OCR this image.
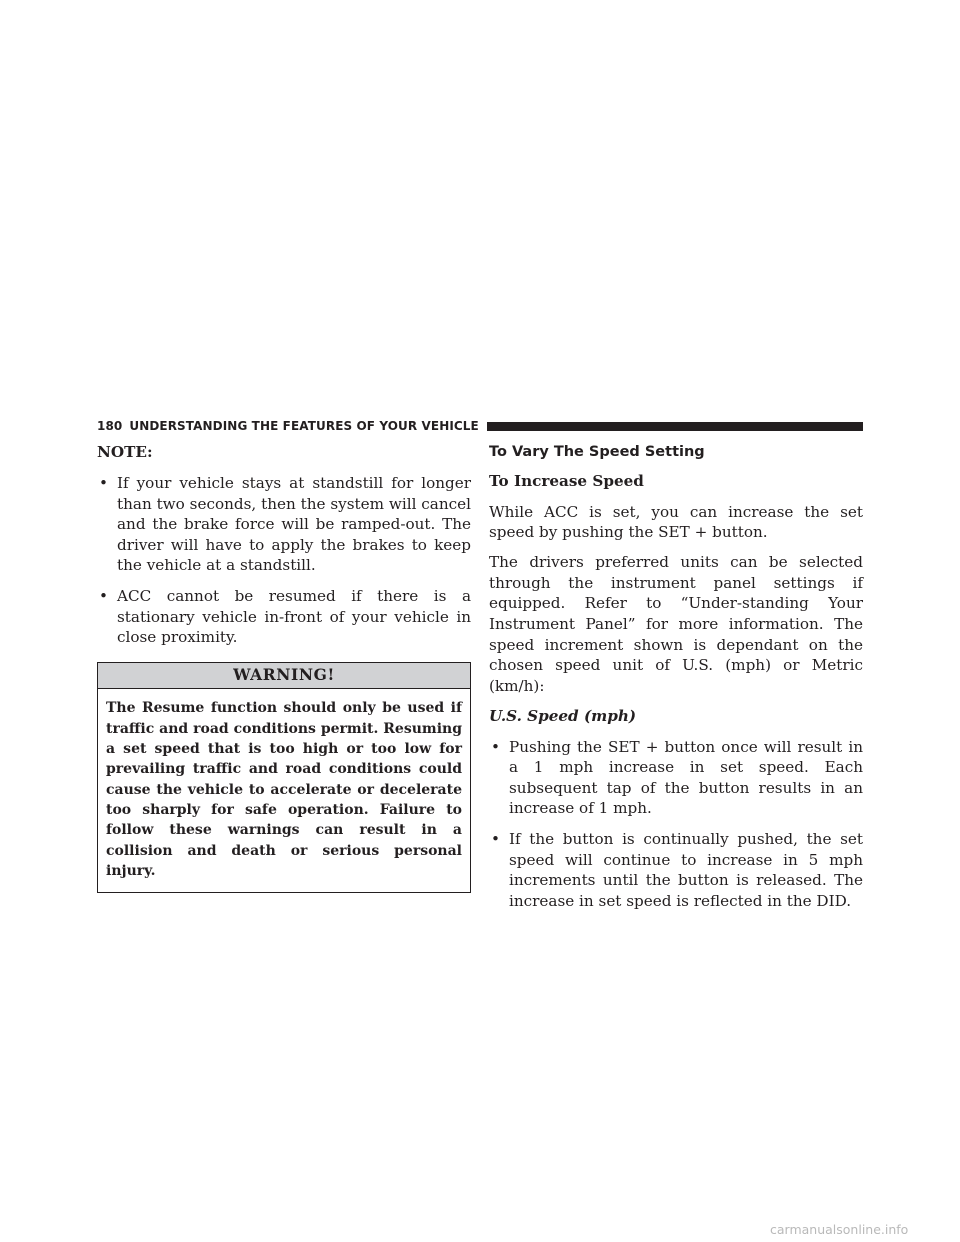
180 UNDERSTANDING THE FEATURES OF YOUR VEHICLE

NOTE:

• If your vehicle stays at standstill for longer than two seconds, then the system will cancel and the brake force will be ramped-out. The driver will have to apply the brakes to keep the vehicle at a standstill.
• ACC cannot be resumed if there is a stationary vehicle in-front of your vehicle in close proximity.
WARNING!

The Resume function should only be used if traffic and road conditions permit. Resuming a set speed that is too high or too low for prevailing traffic and road conditions could cause the vehicle to accelerate or decelerate too sharply for safe operation. Failure to follow these warnings can result in a collision and death or serious personal injury.

To Vary The Speed Setting

To Increase Speed

While ACC is set, you can increase the set speed by pushing the SET + button.

The drivers preferred units can be selected through the instrument panel settings if equipped. Refer to “Under-standing Your Instrument Panel” for more information. The speed increment shown is dependant on the chosen speed unit of U.S. (mph) or Metric (km/h):

U.S. Speed (mph)

• Pushing the SET + button once will result in a 1 mph increase in set speed. Each subsequent tap of the button results in an increase of 1 mph.
• If the button is continually pushed, the set speed will continue to increase in 5 mph increments until the button is released. The increase in set speed is reflected in the DID.
carmanualsonline.info
